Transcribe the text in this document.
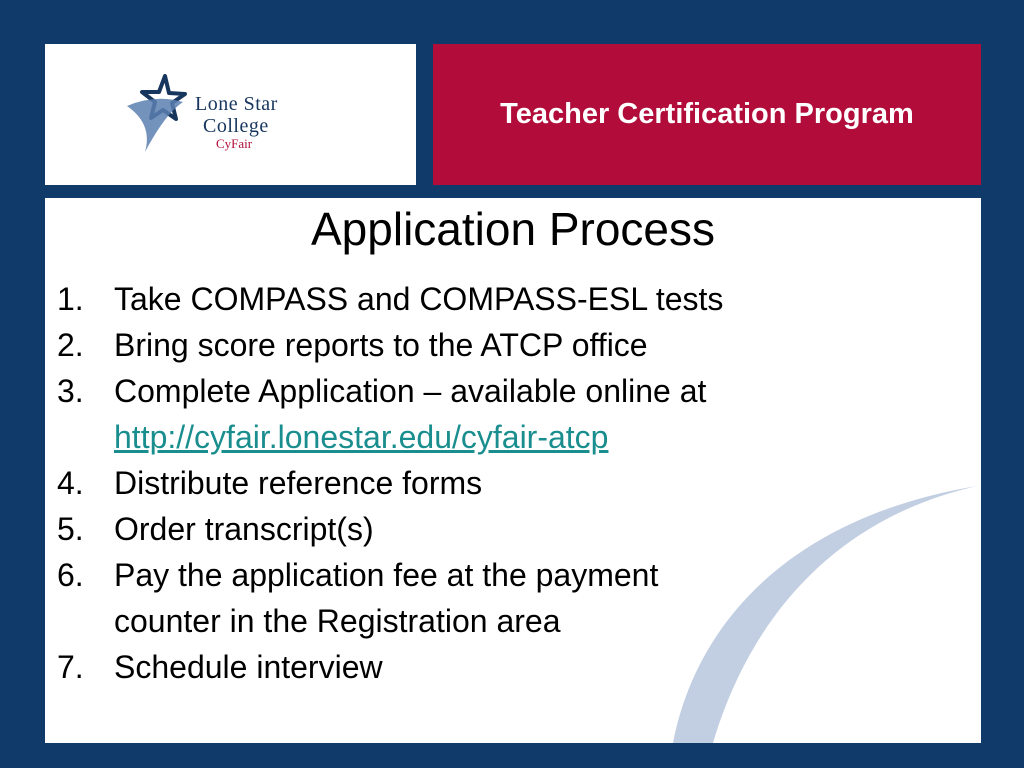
Lone Star
College
CyFair
Teacher Certification Program
Application Process
1. Take COMPASS and COMPASS-ESL tests
2. Bring score reports to the ATCP office
3. Complete Application – available online at
http://cyfair.lonestar.edu/cyfair-atcp
4. Distribute reference forms
5. Order transcript(s)
6. Pay the application fee at the payment counter in the Registration area
7. Schedule interview
